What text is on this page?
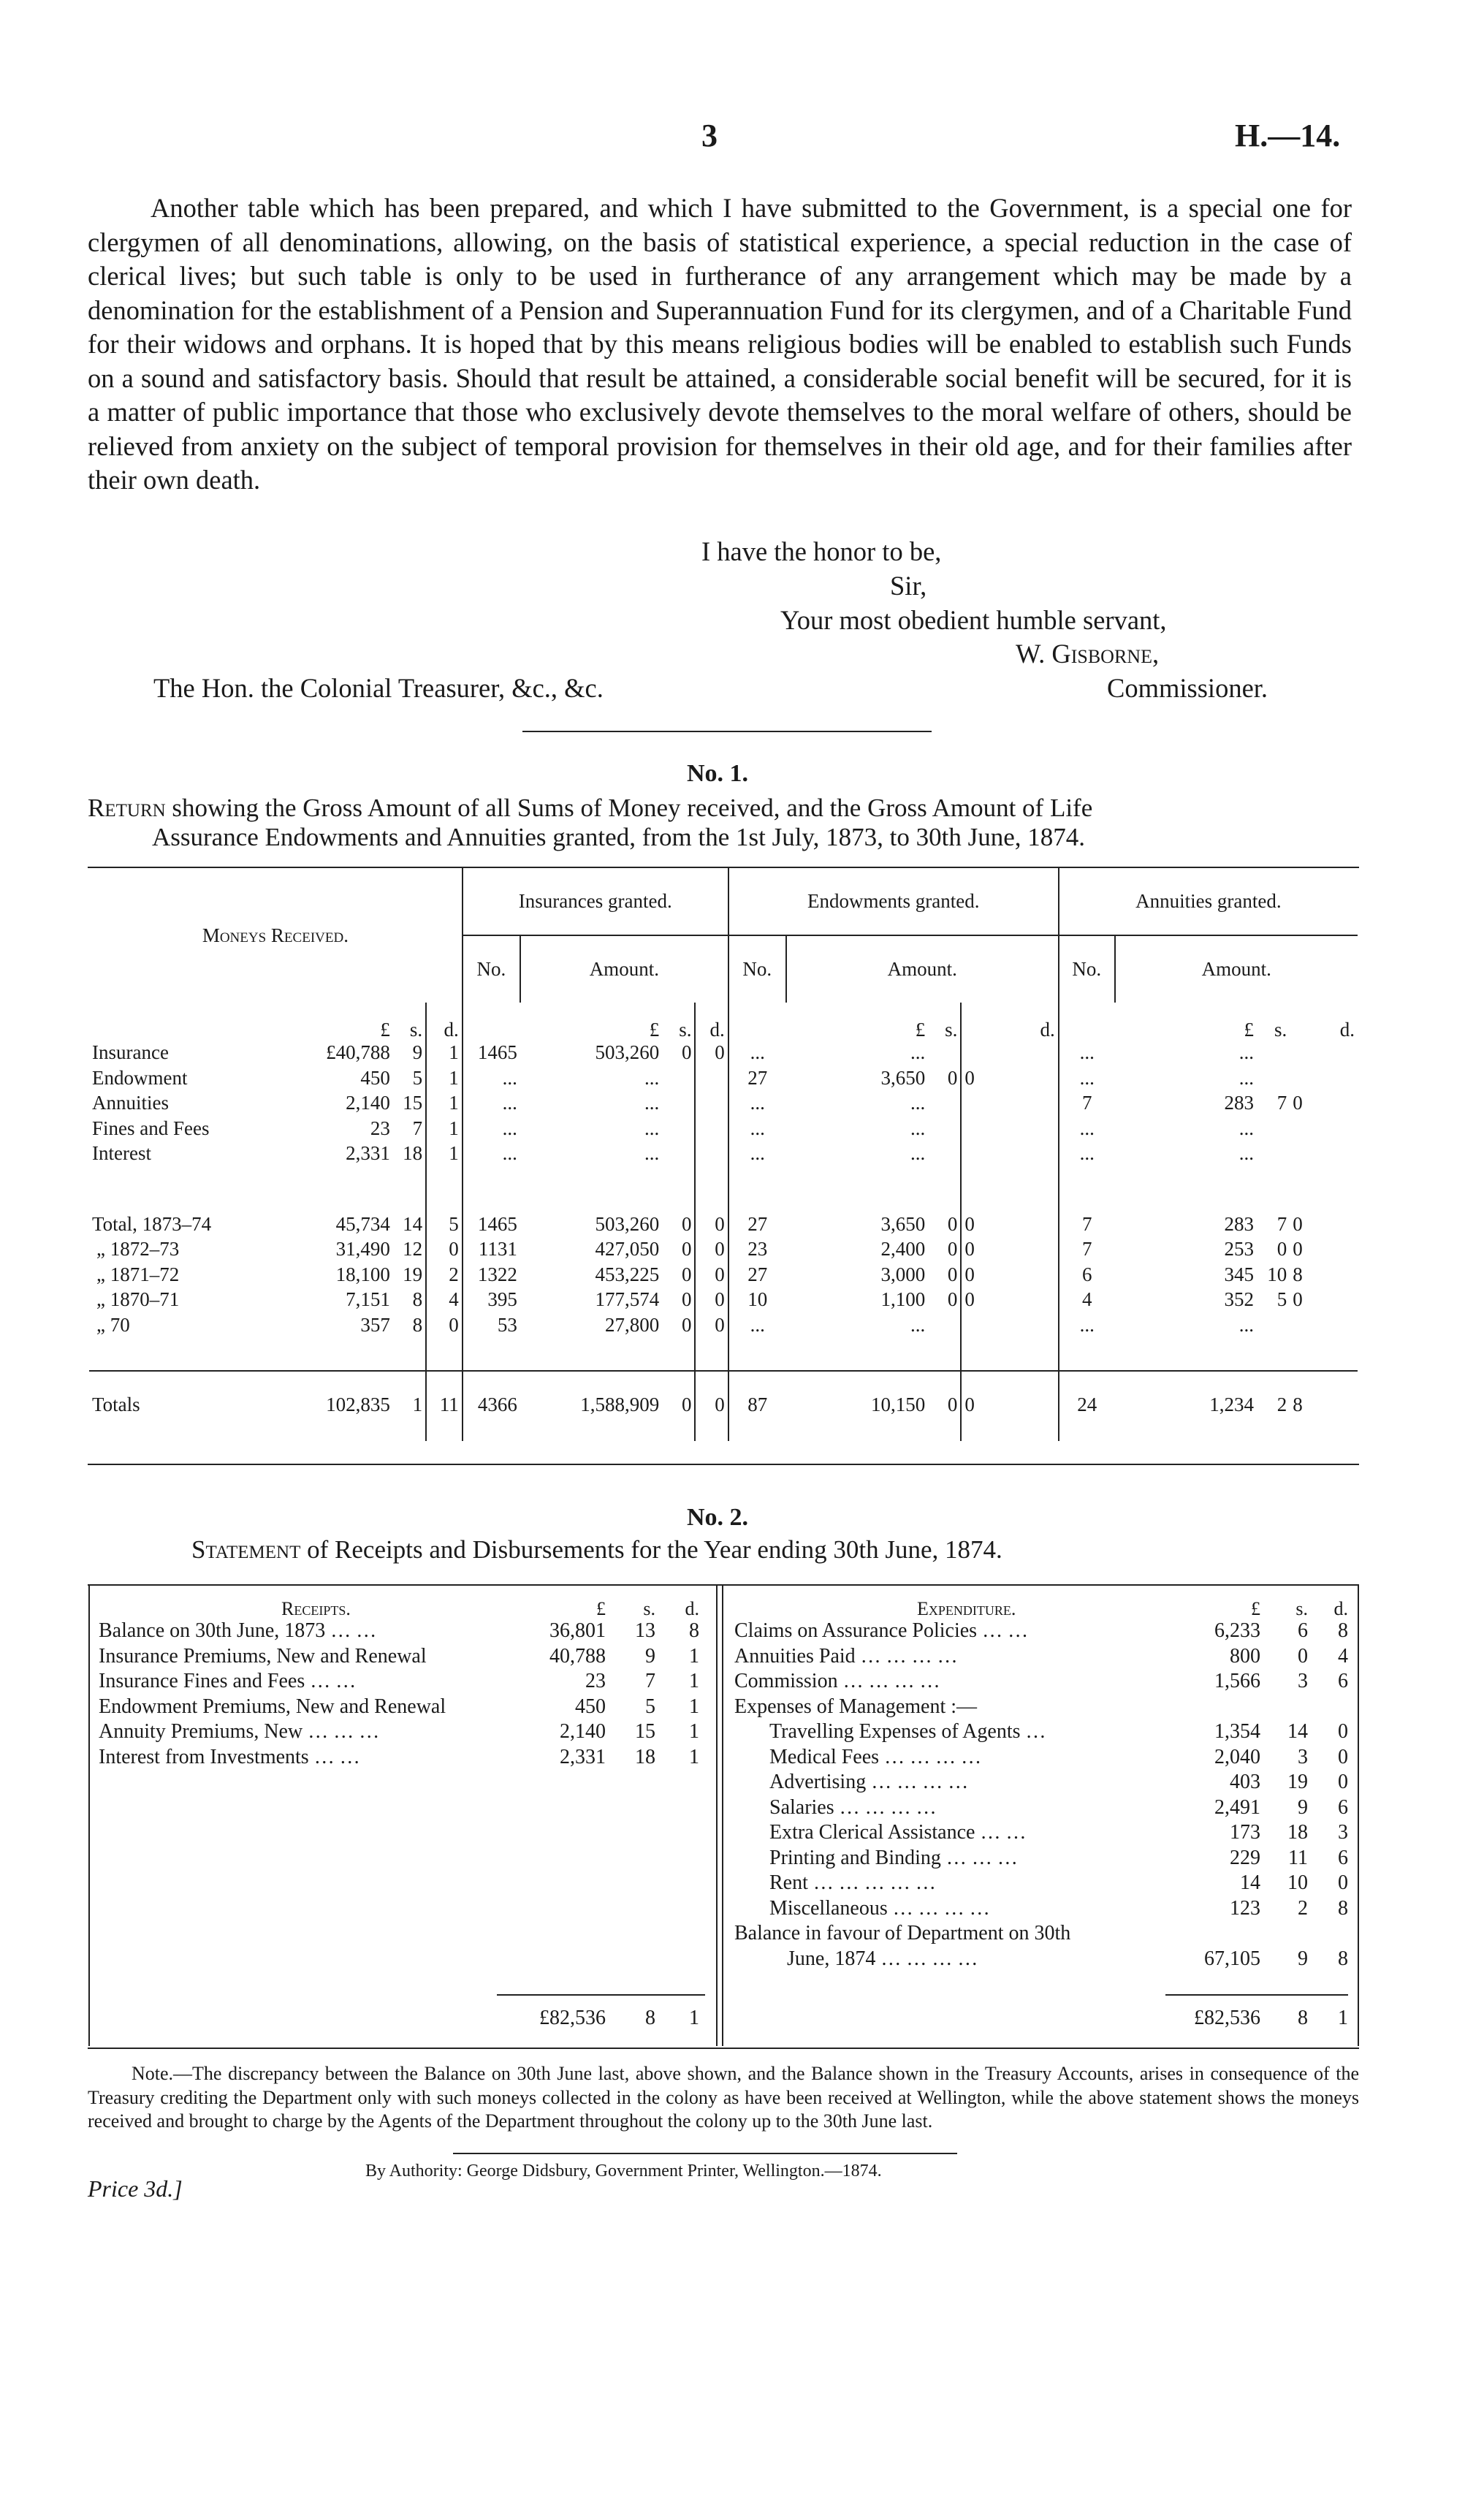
3	H.—14.

Another table which has been prepared, and which I have submitted to the Government, is a special one for clergymen of all denominations, allowing, on the basis of statistical experience, a special reduction in the case of clerical lives; but such table is only to be used in furtherance of any arrangement which may be made by a denomination for the establishment of a Pension and Superannuation Fund for its clergymen, and of a Charitable Fund for their widows and orphans. It is hoped that by this means religious bodies will be enabled to establish such Funds on a sound and satisfactory basis. Should that result be attained, a considerable social benefit will be secured, for it is a matter of public importance that those who exclusively devote themselves to the moral welfare of others, should be relieved from anxiety on the subject of temporal provision for themselves in their old age, and for their families after their own death.

I have the honor to be,
Sir,
Your most obedient humble servant,
W. Gisborne,
The Hon. the Colonial Treasurer, &c., &c.	Commissioner.
No. 1.
Return showing the Gross Amount of all Sums of Money received, and the Gross Amount of Life
Assurance Endowments and Annuities granted, from the 1st July, 1873, to 30th June, 1874.
Moneys Received.				Insurances granted.				Endowments granted.				Annuities granted.			
				No.	Amount.			No.	Amount.			No.	Amount.		
	£	s.	d.		£	s.	d.		£	s.	d.		£	s.	d.
Insurance	£40,788	9	1	1465	503,260	0	0	...	...			...	...		
Endowment	450	5	1	...	...			27	3,650	0	0	...	...		
Annuities	2,140	15	1	...	...			...	...			7	283	7	0
Fines and Fees	23	7	1	...	...			...	...			...	...		
Interest	2,331	18	1	...	...			...	...			...	...		

Total, 1873–74	45,734	14	5	1465	503,260	0	0	27	3,650	0	0	7	283	7	0
„ 1872–73	31,490	12	0	1131	427,050	0	0	23	2,400	0	0	7	253	0	0
„ 1871–72	18,100	19	2	1322	453,225	0	0	27	3,000	0	0	6	345	10	8
„ 1870–71	7,151	8	4	395	177,574	0	0	10	1,100	0	0	4	352	5	0
„ 70	357	8	0	53	27,800	0	0	...	...			...	...		

Totals	102,835	1	11	4366	1,588,909	0	0	87	10,150	0	0	24	1,234	2	8
No. 2.
Statement of Receipts and Disbursements for the Year ending 30th June, 1874.
Receipts.	£	s.	d.
Balance on 30th June, 1873 … …	36,801	13	8
Insurance Premiums, New and Renewal	40,788	9	1
Insurance Fines and Fees … …	23	7	1
Endowment Premiums, New and Renewal	450	5	1
Annuity Premiums, New … … …	2,140	15	1
Interest from Investments … …	2,331	18	1
Expenditure.	£	s.	d.
Claims on Assurance Policies … …	6,233	6	8
Annuities Paid … … … …	800	0	4
Commission … … … …	1,566	3	6
Expenses of Management :—
Travelling Expenses of Agents …	1,354	14	0
Medical Fees … … … …	2,040	3	0
Advertising … … … …	403	19	0
Salaries … … … …	2,491	9	6
Extra Clerical Assistance … …	173	18	3
Printing and Binding … … …	229	11	6
Rent … … … … …	14	10	0
Miscellaneous … … … …	123	2	8
Balance in favour of Department on 30th
June, 1874 … … … …	67,105	9	8
£82,536	8	1	£82,536	8	1

Note.—The discrepancy between the Balance on 30th June last, above shown, and the Balance shown in the Treasury Accounts, arises in consequence of the Treasury crediting the Department only with such moneys collected in the colony as have been received at Wellington, while the above statement shows the moneys received and brought to charge by the Agents of the Department throughout the colony up to the 30th June last.

By Authority: George Didsbury, Government Printer, Wellington.—1874.
Price 3d.]
